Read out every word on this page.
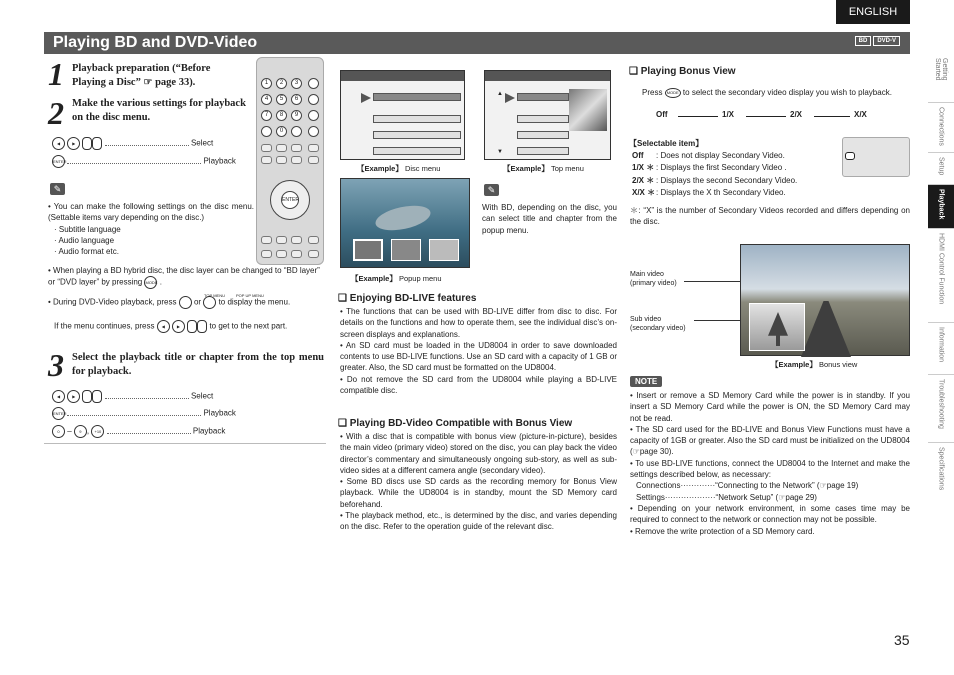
ENGLISH
Playing BD and DVD-Video	BD	DVD-V
Getting Started
Connections
Setup
Playback
HDMI Control Function
Information
Troubleshooting
Specifications
1 Playback preparation (“Before
Playing a Disc” ☞ page 33).
2 Make the various settings for playback on the disc menu.
◀	▶	Select
ENTER	Playback
✎
1	2	3
4	5	6
7	8	9
0
ENTER

• You can make the following settings on the disc menu. (Settable items vary depending on the disc.)

· Subtitle language

· Audio language

· Audio format etc.

• When playing a BD hybrid disc, the disc layer can be changed to “BD layer” or “DVD layer” by pressing MODE .
• During DVD-Video playback, press or to display the menu.
TOP MENU	POP UP MENU
If the menu continues, press ◀	▶	to get to the next part.
3 Select the playback title or chapter from the top menu for playback.
◀	▶	Select
ENTER	Playback
0 – 9 , +10	Playback
【Example】 Disc menu
▲
▼
【Example】 Top menu
【Example】 Popup menu
✎
With BD, depending on the disc, you can select title and chapter from the popup menu.
❑ Enjoying BD-LIVE features

• The functions that can be used with BD-LIVE differ from disc to disc. For details on the functions and how to operate them, see the individual disc’s on-screen displays and explanations.

• An SD card must be loaded in the UD8004 in order to save downloaded contents to use BD-LIVE functions. Use an SD card with a capacity of 1 GB or greater. Also, the SD card must be formatted on the UD8004.

• Do not remove the SD card from the UD8004 while playing a BD-LIVE compatible disc.

❑ Playing BD-Video Compatible with Bonus View

• With a disc that is compatible with bonus view (picture-in-picture), besides the main video (primary video) stored on the disc, you can play back the video director’s commentary and simultaneously ongoing sub-story, as well as sub-video sides at a different camera angle (secondary video).

• Some BD discs use SD cards as the recording memory for Bonus View playback. While the UD8004 is in standby, mount the SD Memory card beforehand.

• The playback method, etc., is determined by the disc, and varies depending on the disc. Refer to the operation guide of the relevant disc.

❑ Playing Bonus View
Press MODE to select the secondary video display you wish to playback.
Off	1/X	2/X	X/X
【Selectable item】
Off : Does not display Secondary Video.
1/X ＊ : Displays the first Secondary Video .
2/X ＊ : Displays the second Secondary Video.
X/X ＊: Displays the X th Secondary Video.
＊: “X” is the number of Secondary Videos recorded and differs depending on the disc.
Main video
(primary video)
Sub video
(secondary video)
【Example】 Bonus view
NOTE

• Insert or remove a SD Memory Card while the power is in standby. If you insert a SD Memory Card while the power is ON, the SD Memory Card may not be read.

• The SD card used for the BD-LIVE and Bonus View Functions must have a capacity of 1GB or greater. Also the SD card must be initialized on the UD8004 (☞page 30).

• To use BD-LIVE functions, connect the UD8004 to the Internet and make the settings described below, as necessary:

Connections·············“Connecting to the Network” (☞page 19)

Settings···················“Network Setup” (☞page 29)

• Depending on your network environment, in some cases time may be required to connect to the network or connection may not be possible.

• Remove the write protection of a SD Memory card.

35
